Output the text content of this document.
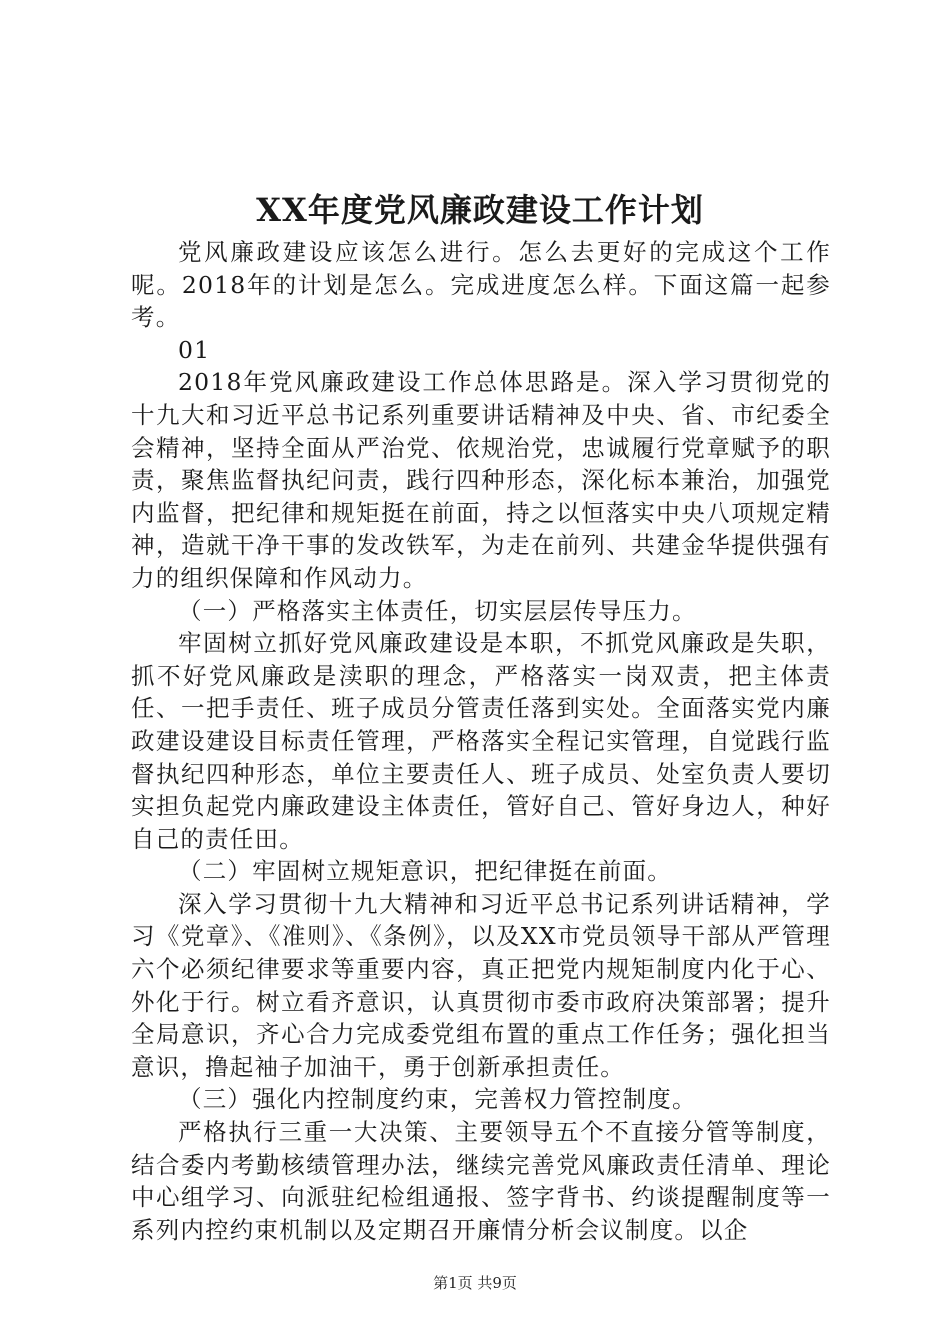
XX年度党风廉政建设工作计划

党风廉政建设应该怎么进行。怎么去更好的完成这个工作呢。2018年的计划是怎么。完成进度怎么样。下面这篇一起参考。

01

2018年党风廉政建设工作总体思路是。深入学习贯彻党的十九大和习近平总书记系列重要讲话精神及中央、省、市纪委全会精神，坚持全面从严治党、依规治党，忠诚履行党章赋予的职责，聚焦监督执纪问责，践行四种形态，深化标本兼治，加强党内监督，把纪律和规矩挺在前面，持之以恒落实中央八项规定精神，造就干净干事的发改铁军，为走在前列、共建金华提供强有力的组织保障和作风动力。

（一）严格落实主体责任，切实层层传导压力。

牢固树立抓好党风廉政建设是本职，不抓党风廉政是失职，抓不好党风廉政是渎职的理念，严格落实一岗双责，把主体责任、一把手责任、班子成员分管责任落到实处。全面落实党内廉政建设建设目标责任管理，严格落实全程记实管理，自觉践行监督执纪四种形态，单位主要责任人、班子成员、处室负责人要切实担负起党内廉政建设主体责任，管好自己、管好身边人，种好自己的责任田。

（二）牢固树立规矩意识，把纪律挺在前面。

深入学习贯彻十九大精神和习近平总书记系列讲话精神，学习《党章》、《准则》、《条例》，以及XX市党员领导干部从严管理六个必须纪律要求等重要内容，真正把党内规矩制度内化于心、外化于行。树立看齐意识，认真贯彻市委市政府决策部署；提升全局意识，齐心合力完成委党组布置的重点工作任务；强化担当意识，撸起袖子加油干，勇于创新承担责任。

（三）强化内控制度约束，完善权力管控制度。

严格执行三重一大决策、主要领导五个不直接分管等制度，结合委内考勤核绩管理办法，继续完善党风廉政责任清单、理论中心组学习、向派驻纪检组通报、签字背书、约谈提醒制度等一系列内控约束机制以及定期召开廉情分析会议制度。以企

第1页 共9页
